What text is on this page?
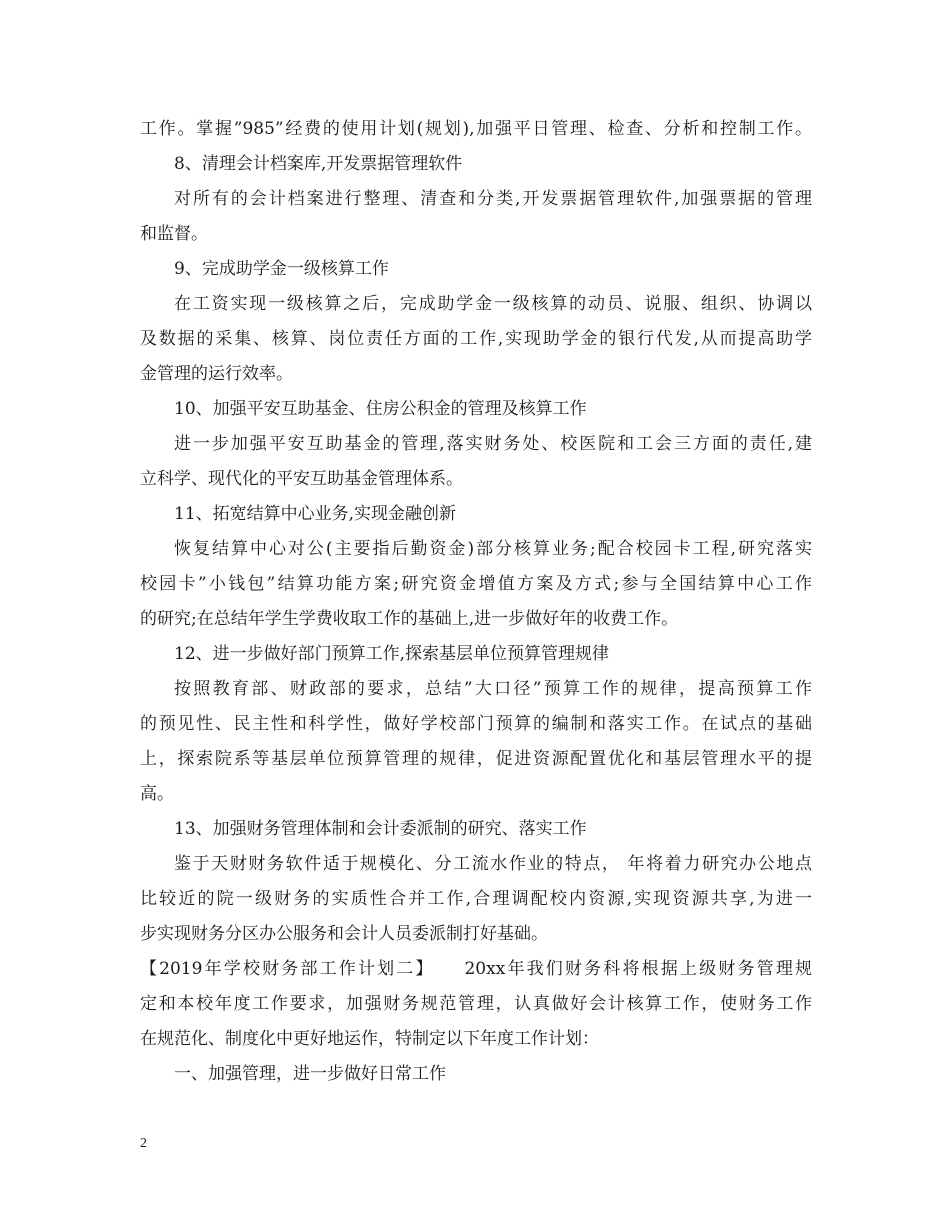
工作。掌握”985”经费的使用计划(规划),加强平日管理、检查、分析和控制工作。
8、清理会计档案库,开发票据管理软件
对所有的会计档案进行整理、清查和分类,开发票据管理软件,加强票据的管理
和监督。
9、完成助学金一级核算工作
在工资实现一级核算之后，完成助学金一级核算的动员、说服、组织、协调以
及数据的采集、核算、岗位责任方面的工作,实现助学金的银行代发,从而提高助学
金管理的运行效率。
10、加强平安互助基金、住房公积金的管理及核算工作
进一步加强平安互助基金的管理,落实财务处、校医院和工会三方面的责任,建
立科学、现代化的平安互助基金管理体系。
11、拓宽结算中心业务,实现金融创新
恢复结算中心对公(主要指后勤资金)部分核算业务;配合校园卡工程,研究落实
校园卡”小钱包”结算功能方案;研究资金增值方案及方式;参与全国结算中心工作
的研究;在总结年学生学费收取工作的基础上,进一步做好年的收费工作。
12、进一步做好部门预算工作,探索基层单位预算管理规律
按照教育部、财政部的要求，总结”大口径”预算工作的规律，提高预算工作
的预见性、民主性和科学性，做好学校部门预算的编制和落实工作。在试点的基础
上，探索院系等基层单位预算管理的规律，促进资源配置优化和基层管理水平的提
高。
13、加强财务管理体制和会计委派制的研究、落实工作
鉴于天财财务软件适于规模化、分工流水作业的特点， 年将着力研究办公地点
比较近的院一级财务的实质性合并工作,合理调配校内资源,实现资源共享,为进一
步实现财务分区办公服务和会计人员委派制打好基础。
【2019年学校财务部工作计划二】　　20xx年我们财务科将根据上级财务管理规
定和本校年度工作要求，加强财务规范管理，认真做好会计核算工作，使财务工作
在规范化、制度化中更好地运作，特制定以下年度工作计划：
一、加强管理，进一步做好日常工作
2
